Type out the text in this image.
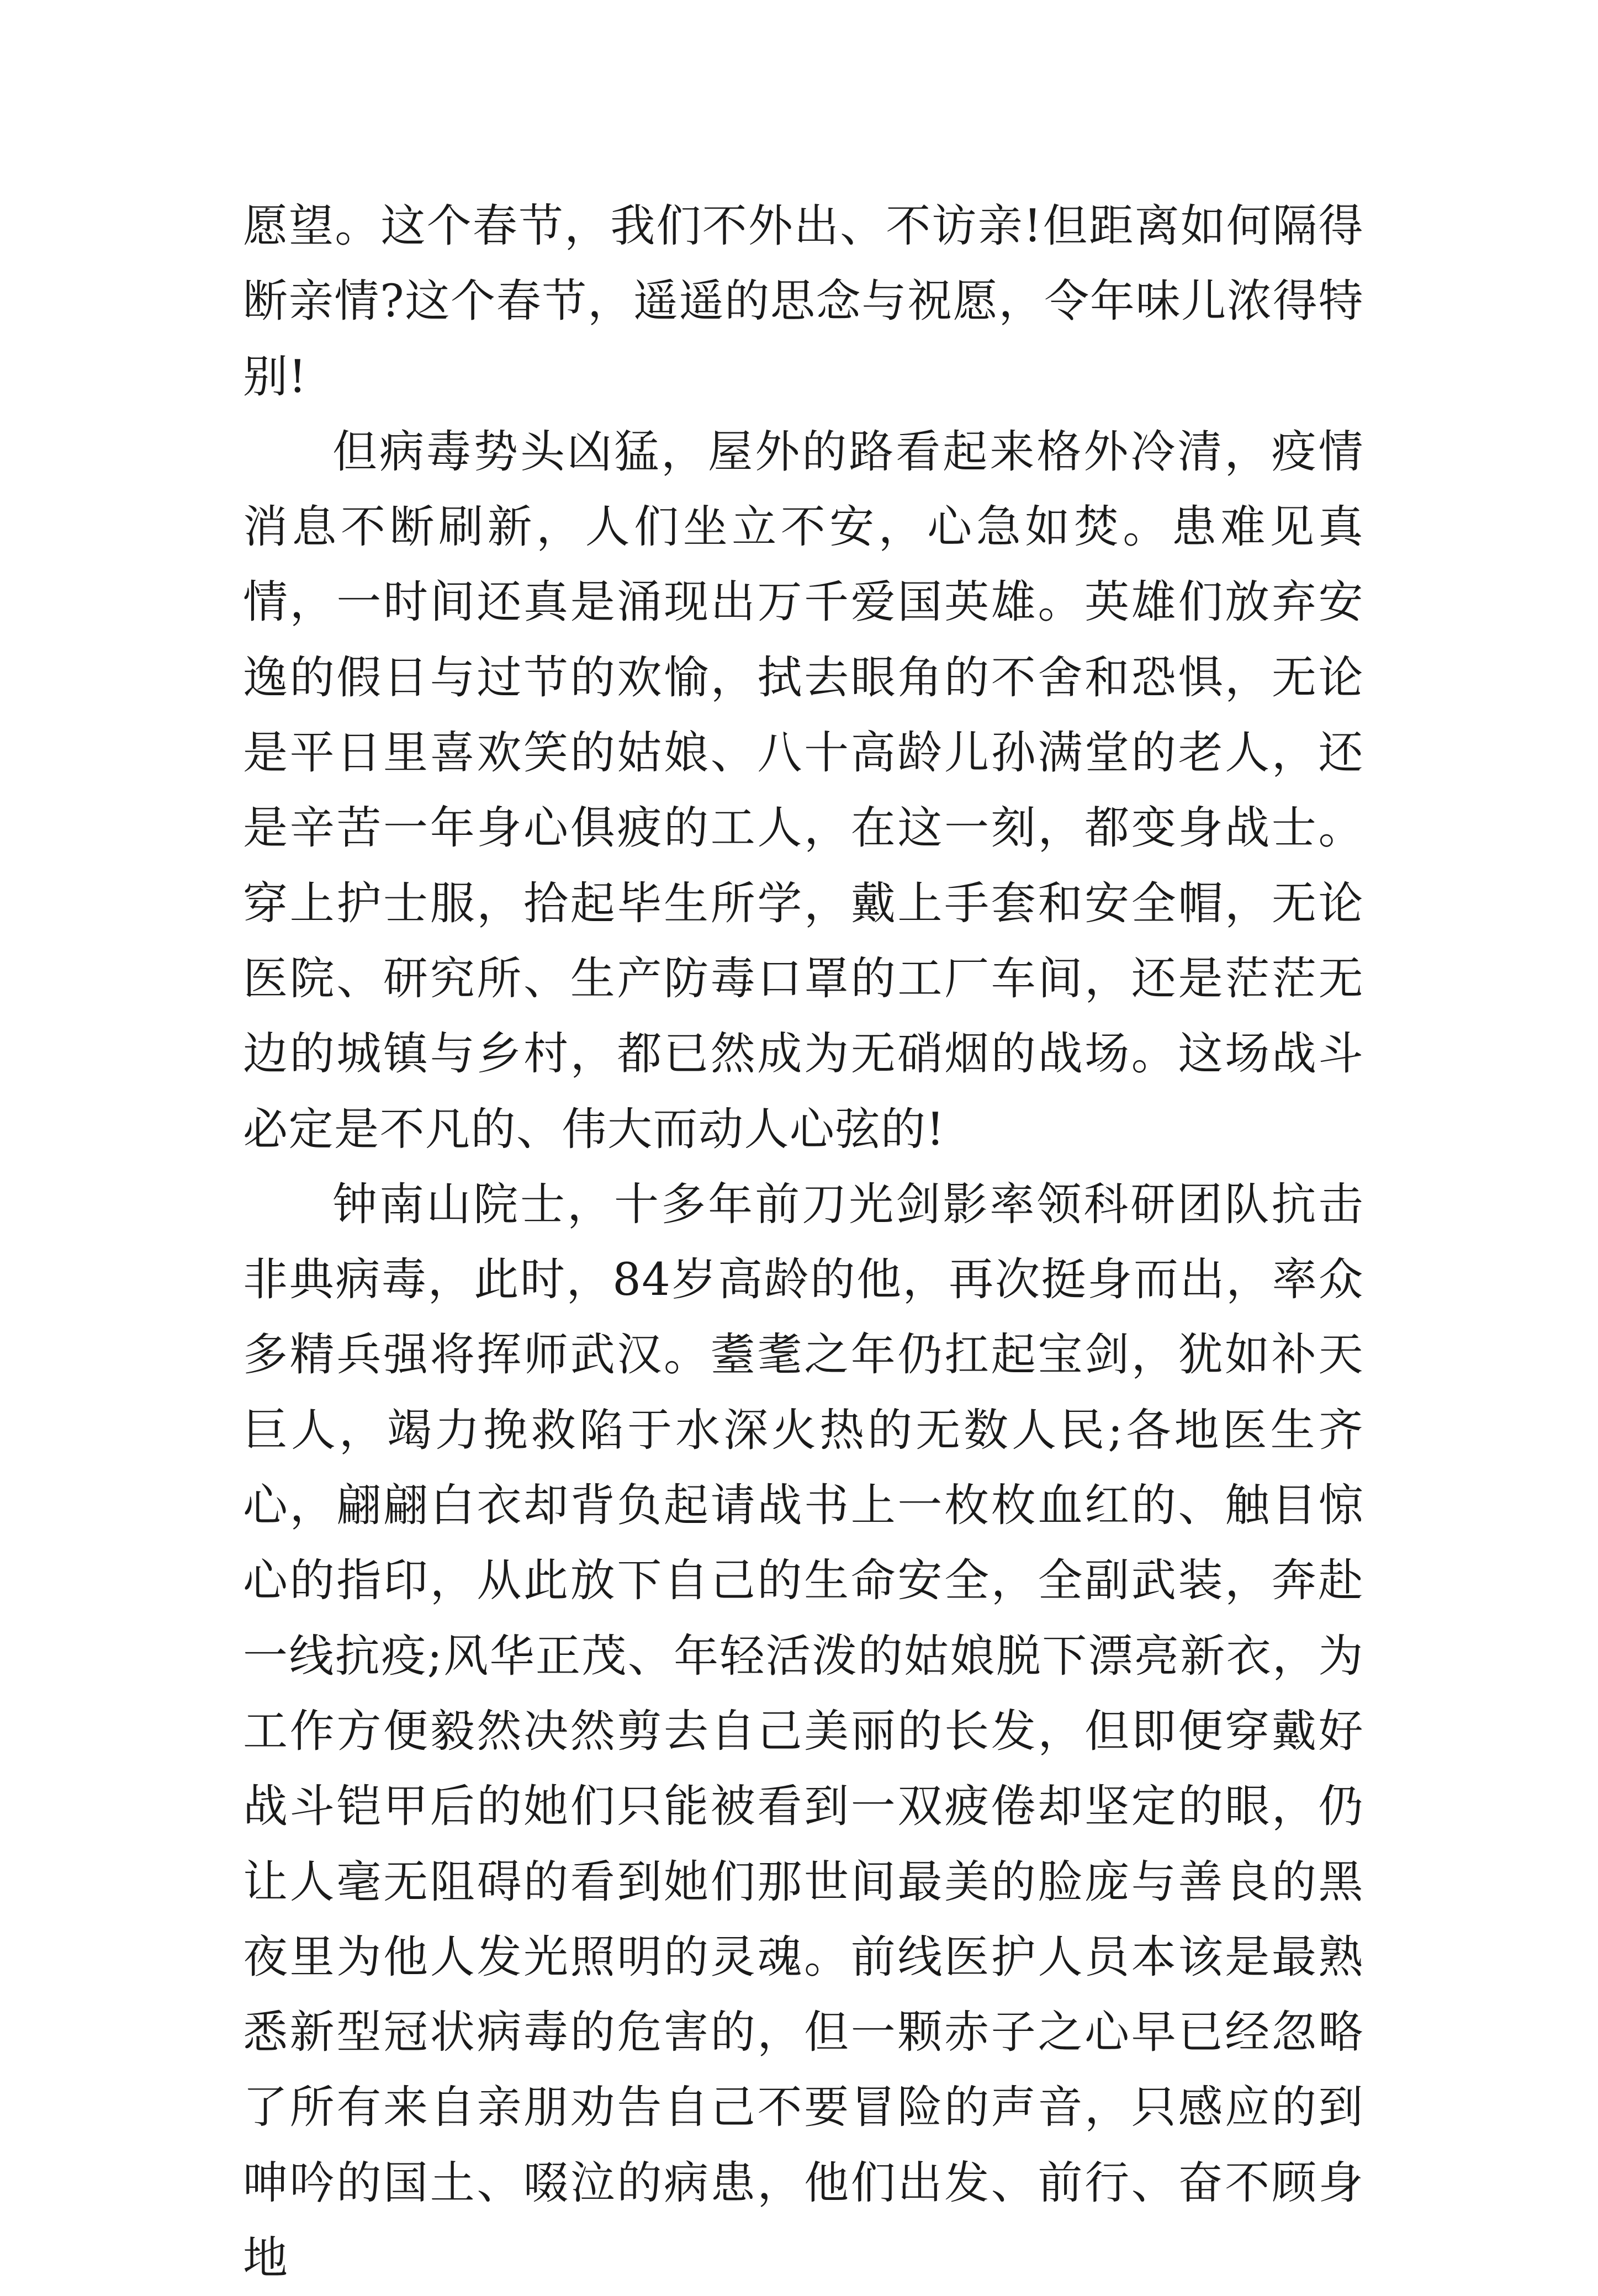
愿望。这个春节，我们不外出、不访亲!但距离如何隔得断亲情?这个春节，遥遥的思念与祝愿，令年味儿浓得特别!

但病毒势头凶猛，屋外的路看起来格外冷清，疫情消息不断刷新，人们坐立不安，心急如焚。患难见真情，一时间还真是涌现出万千爱国英雄。英雄们放弃安逸的假日与过节的欢愉，拭去眼角的不舍和恐惧，无论是平日里喜欢笑的姑娘、八十高龄儿孙满堂的老人，还是辛苦一年身心俱疲的工人，在这一刻，都变身战士。穿上护士服，拾起毕生所学，戴上手套和安全帽，无论医院、研究所、生产防毒口罩的工厂车间，还是茫茫无边的城镇与乡村，都已然成为无硝烟的战场。这场战斗必定是不凡的、伟大而动人心弦的!

钟南山院士，十多年前刀光剑影率领科研团队抗击非典病毒，此时，84岁高龄的他，再次挺身而出，率众多精兵强将挥师武汉。耋耄之年仍扛起宝剑，犹如补天巨人，竭力挽救陷于水深火热的无数人民;各地医生齐心，翩翩白衣却背负起请战书上一枚枚血红的、触目惊心的指印，从此放下自己的生命安全，全副武装，奔赴一线抗疫;风华正茂、年轻活泼的姑娘脱下漂亮新衣，为工作方便毅然决然剪去自己美丽的长发，但即便穿戴好战斗铠甲后的她们只能被看到一双疲倦却坚定的眼，仍让人毫无阻碍的看到她们那世间最美的脸庞与善良的黑夜里为他人发光照明的灵魂。前线医护人员本该是最熟悉新型冠状病毒的危害的，但一颗赤子之心早已经忽略了所有来自亲朋劝告自己不要冒险的声音，只感应的到呻吟的国土、啜泣的病患，他们出发、前行、奋不顾身地
